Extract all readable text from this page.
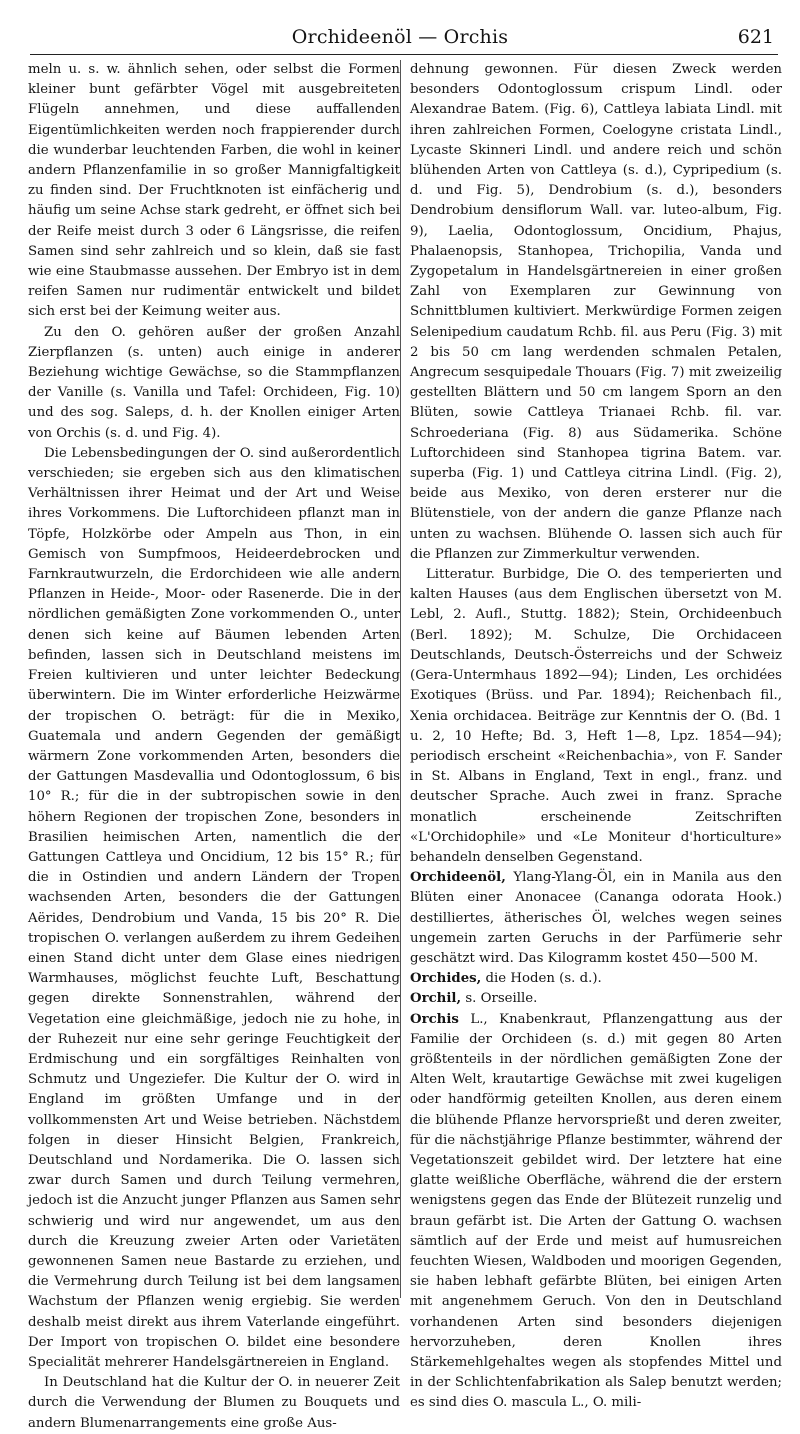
Orchideenöl — Orchis	621

meln u. s. w. ähnlich sehen, oder selbst die Formen kleiner bunt gefärbter Vögel mit ausgebreiteten Flügeln annehmen, und diese auffallenden Eigentümlichkeiten werden noch frappierender durch die wunderbar leuchtenden Farben, die wohl in keiner andern Pflanzenfamilie in so großer Mannigfaltigkeit zu finden sind. Der Fruchtknoten ist einfächerig und häufig um seine Achse stark gedreht, er öffnet sich bei der Reife meist durch 3 oder 6 Längsrisse, die reifen Samen sind sehr zahlreich und so klein, daß sie fast wie eine Staubmasse aussehen. Der Embryo ist in dem reifen Samen nur rudimentär entwickelt und bildet sich erst bei der Keimung weiter aus.

Zu den O. gehören außer der großen Anzahl Zierpflanzen (s. unten) auch einige in anderer Beziehung wichtige Gewächse, so die Stammpflanzen der Vanille (s. Vanilla und Tafel: Orchideen, Fig. 10) und des sog. Saleps, d. h. der Knollen einiger Arten von Orchis (s. d. und Fig. 4).

Die Lebensbedingungen der O. sind außerordentlich verschieden; sie ergeben sich aus den klimatischen Verhältnissen ihrer Heimat und der Art und Weise ihres Vorkommens. Die Luftorchideen pflanzt man in Töpfe, Holzkörbe oder Ampeln aus Thon, in ein Gemisch von Sumpfmoos, Heideerdebrocken und Farnkrautwurzeln, die Erdorchideen wie alle andern Pflanzen in Heide-, Moor- oder Rasenerde. Die in der nördlichen gemäßigten Zone vorkommenden O., unter denen sich keine auf Bäumen lebenden Arten befinden, lassen sich in Deutschland meistens im Freien kultivieren und unter leichter Bedeckung überwintern. Die im Winter erforderliche Heizwärme der tropischen O. beträgt: für die in Mexiko, Guatemala und andern Gegenden der gemäßigt wärmern Zone vorkommenden Arten, besonders die der Gattungen Masdevallia und Odontoglossum, 6 bis 10° R.; für die in der subtropischen sowie in den höhern Regionen der tropischen Zone, besonders in Brasilien heimischen Arten, namentlich die der Gattungen Cattleya und Oncidium, 12 bis 15° R.; für die in Ostindien und andern Ländern der Tropen wachsenden Arten, besonders die der Gattungen Aërides, Dendrobium und Vanda, 15 bis 20° R. Die tropischen O. verlangen außerdem zu ihrem Gedeihen einen Stand dicht unter dem Glase eines niedrigen Warmhauses, möglichst feuchte Luft, Beschattung gegen direkte Sonnenstrahlen, während der Vegetation eine gleichmäßige, jedoch nie zu hohe, in der Ruhezeit nur eine sehr geringe Feuchtigkeit der Erdmischung und ein sorgfältiges Reinhalten von Schmutz und Ungeziefer. Die Kultur der O. wird in England im größten Umfange und in der vollkommensten Art und Weise betrieben. Nächstdem folgen in dieser Hinsicht Belgien, Frankreich, Deutschland und Nordamerika. Die O. lassen sich zwar durch Samen und durch Teilung vermehren, jedoch ist die Anzucht junger Pflanzen aus Samen sehr schwierig und wird nur angewendet, um aus den durch die Kreuzung zweier Arten oder Varietäten gewonnenen Samen neue Bastarde zu erziehen, und die Vermehrung durch Teilung ist bei dem langsamen Wachstum der Pflanzen wenig ergiebig. Sie werden deshalb meist direkt aus ihrem Vaterlande eingeführt. Der Import von tropischen O. bildet eine besondere Specialität mehrerer Handelsgärtnereien in England.

In Deutschland hat die Kultur der O. in neuerer Zeit durch die Verwendung der Blumen zu Bouquets und andern Blumenarrangements eine große Aus-

dehnung gewonnen. Für diesen Zweck werden besonders Odontoglossum crispum Lindl. oder Alexandrae Batem. (Fig. 6), Cattleya labiata Lindl. mit ihren zahlreichen Formen, Coelogyne cristata Lindl., Lycaste Skinneri Lindl. und andere reich und schön blühenden Arten von Cattleya (s. d.), Cypripedium (s. d. und Fig. 5), Dendrobium (s. d.), besonders Dendrobium densiflorum Wall. var. luteo-album, Fig. 9), Laelia, Odontoglossum, Oncidium, Phajus, Phalaenopsis, Stanhopea, Trichopilia, Vanda und Zygopetalum in Handelsgärtnereien in einer großen Zahl von Exemplaren zur Gewinnung von Schnittblumen kultiviert. Merkwürdige Formen zeigen Selenipedium caudatum Rchb. fil. aus Peru (Fig. 3) mit 2 bis 50 cm lang werdenden schmalen Petalen, Angrecum sesquipedale Thouars (Fig. 7) mit zweizeilig gestellten Blättern und 50 cm langem Sporn an den Blüten, sowie Cattleya Trianaei Rchb. fil. var. Schroederiana (Fig. 8) aus Südamerika. Schöne Luftorchideen sind Stanhopea tigrina Batem. var. superba (Fig. 1) und Cattleya citrina Lindl. (Fig. 2), beide aus Mexiko, von deren ersterer nur die Blütenstiele, von der andern die ganze Pflanze nach unten zu wachsen. Blühende O. lassen sich auch für die Pflanzen zur Zimmerkultur verwenden.

Litteratur. Burbidge, Die O. des temperierten und kalten Hauses (aus dem Englischen übersetzt von M. Lebl, 2. Aufl., Stuttg. 1882); Stein, Orchideenbuch (Berl. 1892); M. Schulze, Die Orchidaceen Deutschlands, Deutsch-Österreichs und der Schweiz (Gera-Untermhaus 1892—94); Linden, Les orchidées Exotiques (Brüss. und Par. 1894); Reichenbach fil., Xenia orchidacea. Beiträge zur Kenntnis der O. (Bd. 1 u. 2, 10 Hefte; Bd. 3, Heft 1—8, Lpz. 1854—94); periodisch erscheint «Reichenbachia», von F. Sander in St. Albans in England, Text in engl., franz. und deutscher Sprache. Auch zwei in franz. Sprache monatlich erscheinende Zeitschriften «L'Orchidophile» und «Le Moniteur d'horticulture» behandeln denselben Gegenstand.

Orchideenöl, Ylang-Ylang-Öl, ein in Manila aus den Blüten einer Anonacee (Cananga odorata Hook.) destilliertes, ätherisches Öl, welches wegen seines ungemein zarten Geruchs in der Parfümerie sehr geschätzt wird. Das Kilogramm kostet 450—500 M.

Orchides, die Hoden (s. d.).

Orchil, s. Orseille.

Orchis L., Knabenkraut, Pflanzengattung aus der Familie der Orchideen (s. d.) mit gegen 80 Arten größtenteils in der nördlichen gemäßigten Zone der Alten Welt, krautartige Gewächse mit zwei kugeligen oder handförmig geteilten Knollen, aus deren einem die blühende Pflanze hervorsprießt und deren zweiter, für die nächstjährige Pflanze bestimmter, während der Vegetationszeit gebildet wird. Der letztere hat eine glatte weißliche Oberfläche, während die der erstern wenigstens gegen das Ende der Blütezeit runzelig und braun gefärbt ist. Die Arten der Gattung O. wachsen sämtlich auf der Erde und meist auf humusreichen feuchten Wiesen, Waldboden und moorigen Gegenden, sie haben lebhaft gefärbte Blüten, bei einigen Arten mit angenehmem Geruch. Von den in Deutschland vorhandenen Arten sind besonders diejenigen hervorzuheben, deren Knollen ihres Stärkemehlgehaltes wegen als stopfendes Mittel und in der Schlichtenfabrikation als Salep benutzt werden; es sind dies O. mascula L., O. mili-
